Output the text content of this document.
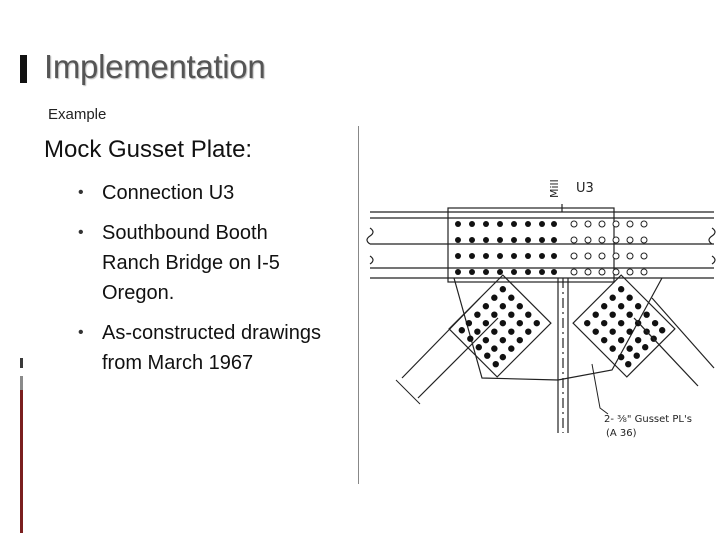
Implementation
Example
Mock Gusset Plate:
• Connection U3
• Southbound Booth
Ranch Bridge on I-5
Oregon.
• As-constructed drawings
from March 1967
Mill U3
2- ⅜" Gusset PL's
(A 36)
